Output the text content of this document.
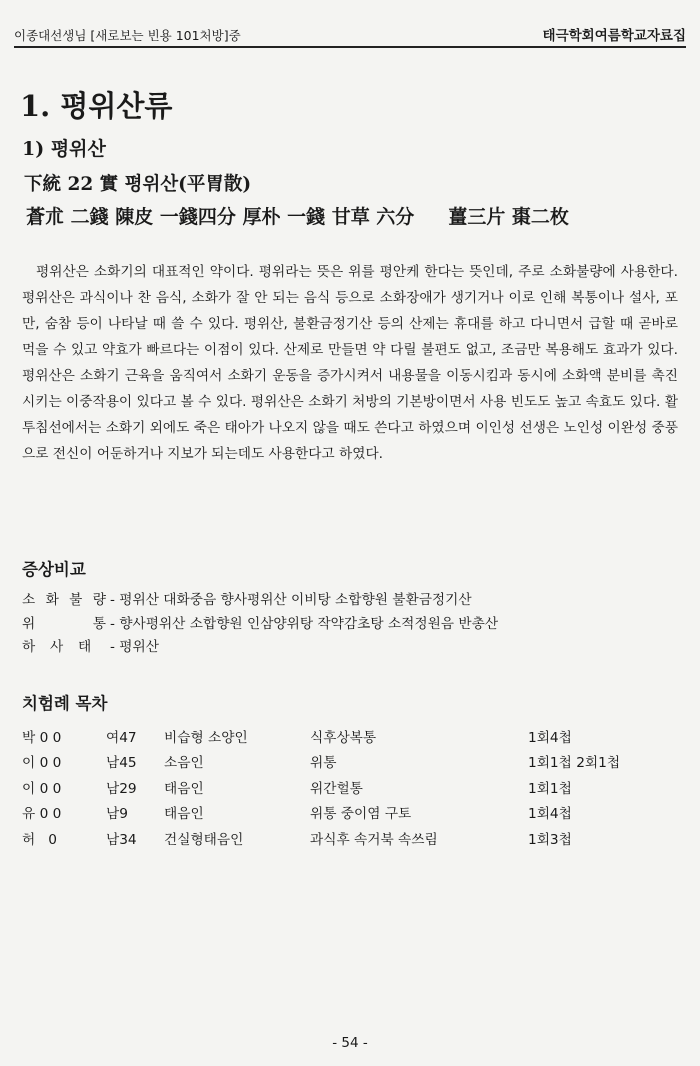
이종대선생님 [새로보는 빈용 101처방]중	태극학회여름학교자료집
1. 평위산류
1) 평위산
下統 22 實 평위산(平胃散)
蒼朮 二錢 陳皮 一錢四分 厚朴 一錢 甘草 六分 薑三片 棗二枚

평위산은 소화기의 대표적인 약이다. 평위라는 뜻은 위를 평안케 한다는 뜻인데, 주로 소화불량에 사용한다. 평위산은 과식이나 찬 음식, 소화가 잘 안 되는 음식 등으로 소화장애가 생기거나 이로 인해 복통이나 설사, 포만, 숨참 등이 나타날 때 쓸 수 있다. 평위산, 불환금정기산 등의 산제는 휴대를 하고 다니면서 급할 때 곧바로 먹을 수 있고 약효가 빠르다는 이점이 있다. 산제로 만들면 약 다릴 불편도 없고, 조금만 복용해도 효과가 있다. 평위산은 소화기 근육을 움직여서 소화기 운동을 증가시켜서 내용물을 이동시킴과 동시에 소화액 분비를 촉진시키는 이중작용이 있다고 볼 수 있다. 평위산은 소화기 처방의 기본방이면서 사용 빈도도 높고 속효도 있다. 활투침선에서는 소화기 외에도 죽은 태아가 나오지 않을 때도 쓴다고 하였으며 이인성 선생은 노인성 이완성 중풍으로 전신이 어둔하거나 지보가 되는데도 사용한다고 하였다.

증상비교
소 화 불 량 - 평위산 대화중음 향사평위산 이비탕 소합향원 불환금정기산
위	통 - 향사평위산 소합향원 인삼양위탕 작약감초탕 소적정원음 반총산
하 사 태 - 평위산
치험례 목차
박 0 0	여47	비습형 소양인	식후상복통	1회4첩
이 0 0	남45	소음인	위통	1회1첩 2회1첩
이 0 0	남29	태음인	위간헐통	1회1첩
유 0 0	남9	태음인	위통 중이염 구토	1회4첩
허   0	남34	건실형태음인	과식후 속거북 속쓰림	1회3첩
- 54 -
